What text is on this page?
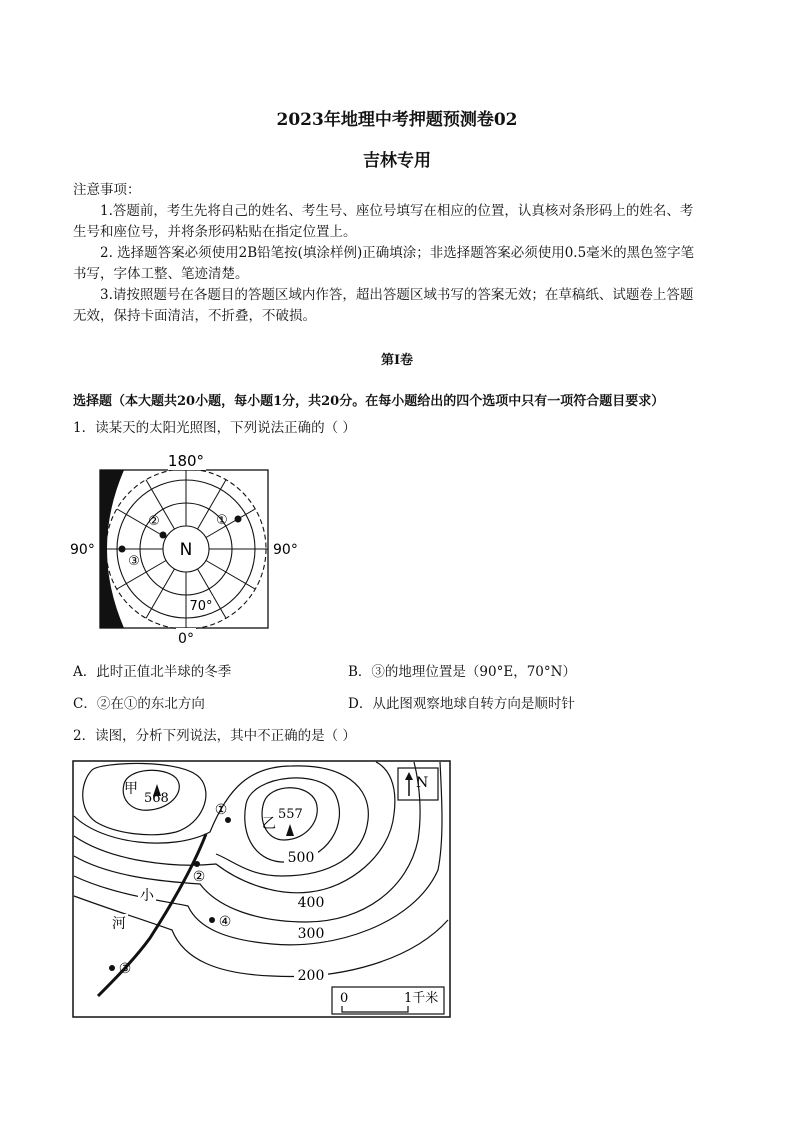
2023年地理中考押题预测卷02
吉林专用
注意事项：
1.答题前，考生先将自己的姓名、考生号、座位号填写在相应的位置，认真核对条形码上的姓名、考
生号和座位号，并将条形码粘贴在指定位置上。
2. 选择题答案必须使用2B铅笔按(填涂样例)正确填涂；非选择题答案必须使用0.5毫米的黑色签字笔
书写，字体工整、笔迹清楚。
3.请按照题号在各题目的答题区域内作答，超出答题区域书写的答案无效；在草稿纸、试题卷上答题
无效，保持卡面清洁，不折叠，不破损。
第Ⅰ卷
选择题（本大题共20小题，每小题1分，共20分。在每小题给出的四个选项中只有一项符合题目要求）
1．读某天的太阳光照图，下列说法正确的（ ）
180°
0°
90°	90°
N
70°
①
②
③
A．此时正值北半球的冬季	B．③的地理位置是（90°E，70°N）
C．②在①的东北方向	D．从此图观察地球自转方向是顺时针
2．读图，分析下列说法，其中不正确的是（ ）
N
500
400
300
200
小
河
甲
568
乙
557
①
②
③
④
0	1千米
